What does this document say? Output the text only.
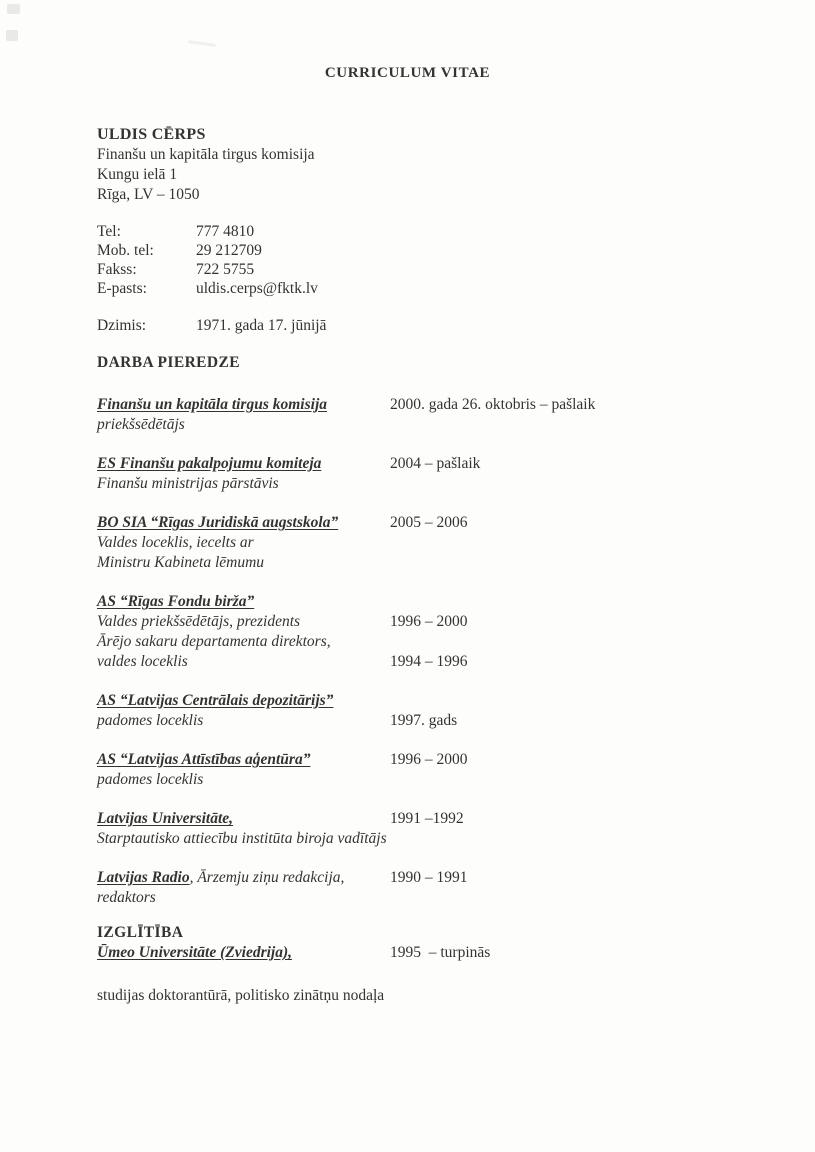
CURRICULUM VITAE
ULDIS CĒRPS
Finanšu un kapitāla tirgus komisija
Kungu ielā 1
Rīga, LV – 1050
Tel:	777 4810
Mob. tel:	29 212709
Fakss:	722 5755
E-pasts:	uldis.cerps@fktk.lv
Dzimis:	1971. gada 17. jūnijā
DARBA PIEREDZE
Finanšu un kapitāla tirgus komisija	2000. gada 26. oktobris – pašlaik
priekšsēdētājs
ES Finanšu pakalpojumu komiteja	2004 – pašlaik
Finanšu ministrijas pārstāvis
BO SIA “Rīgas Juridiskā augstskola”	2005 – 2006
Valdes loceklis, iecelts ar
Ministru Kabineta lēmumu
AS “Rīgas Fondu birža”
Valdes priekšsēdētājs, prezidents	1996 – 2000
Ārējo sakaru departamenta direktors,
valdes loceklis	1994 – 1996
AS “Latvijas Centrālais depozitārijs”
padomes loceklis	1997. gads
AS “Latvijas Attīstības aģentūra”	1996 – 2000
padomes loceklis
Latvijas Universitāte,	1991 –1992
Starptautisko attiecību institūta biroja vadītājs
Latvijas Radio, Ārzemju ziņu redakcija,	1990 – 1991
redaktors
IZGLĪTĪBA
Ūmeo Universitāte (Zviedrija),	1995  – turpinās
studijas doktorantūrā, politisko zinātņu nodaļa
